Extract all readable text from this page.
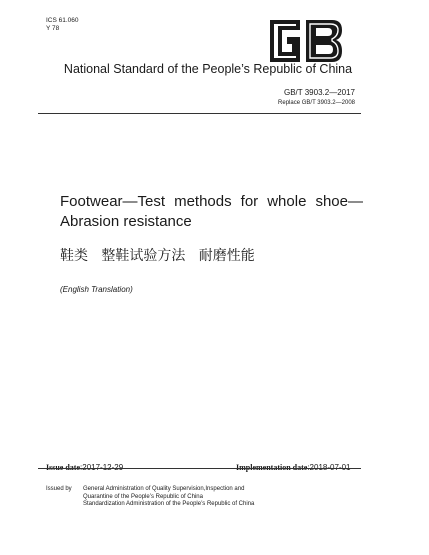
ICS 61.060
Y 78
National Standard of the People’s Republic of China
GB/T 3903.2—2017
Replace GB/T 3903.2—2008
Footwear—Test methods for whole shoe—Abrasion resistance
鞋类   整鞋试验方法   耐磨性能
(English Translation)
Issue date:2017-12-29	Implementation date:2018-07-01
Issued by General Administration of Quality Supervision,Inspection and
Quarantine of the People’s Republic of China
Standardization Administration of the People’s Republic of China
